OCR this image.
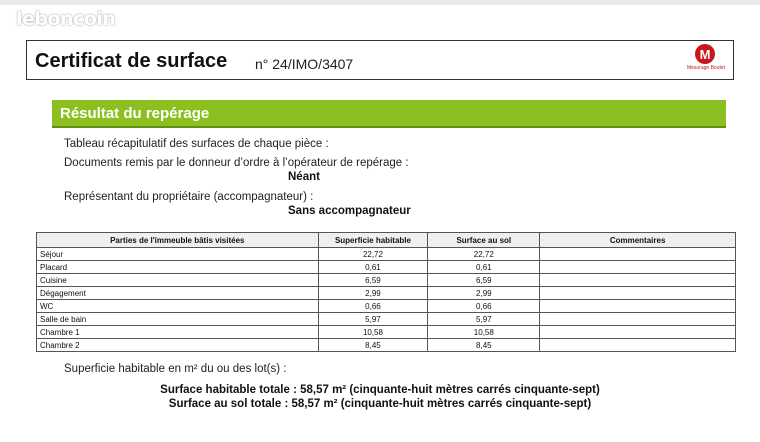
leboncoin
Certificat de surface n° 24/IMO/3407
M
Mesurage Boutet
Résultat du repérage
Tableau récapitulatif des surfaces de chaque pièce :
Documents remis par le donneur d’ordre à l’opérateur de repérage :
Néant
Représentant du propriétaire (accompagnateur) :
Sans accompagnateur
Parties de l'immeuble bâtis visitées	Superficie habitable	Surface au sol	Commentaires
Séjour	22,72	22,72	
Placard	0,61	0,61	
Cuisine	6,59	6,59	
Dégagement	2,99	2,99	
WC	0,66	0,66	
Salle de bain	5,97	5,97	
Chambre 1	10,58	10,58	
Chambre 2	8,45	8,45	
Superficie habitable en m² du ou des lot(s) :
Surface habitable totale : 58,57 m² (cinquante-huit mètres carrés cinquante-sept)
Surface au sol totale : 58,57 m² (cinquante-huit mètres carrés cinquante-sept)
